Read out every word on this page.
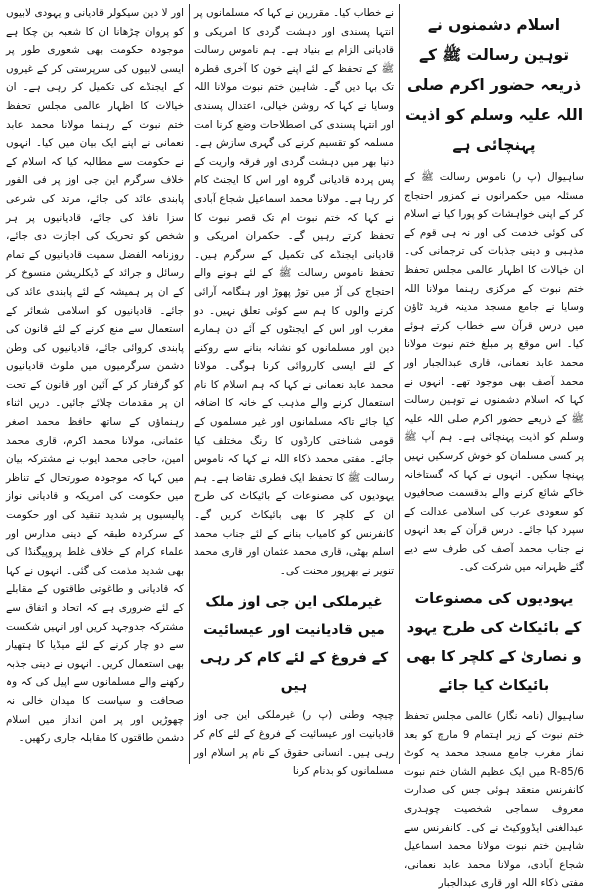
اسلام دشمنوں نے توہین رسالت ﷺ کے ذریعہ حضور اکرم صلی اللہ علیہ وسلم کو اذیت پہنچائی ہے

ساہیوال (پ ر) ناموس رسالت ﷺ کے مسئلہ میں حکمرانوں نے کمزور احتجاج کر کے اپنی خواہشات کو پورا کیا نے اسلام کی کوئی خدمت کی اور نہ ہی قوم کے مذہبی و دینی جذبات کی ترجمانی کی۔ ان خیالات کا اظہار عالمی مجلس تحفظ ختم نبوت کے مرکزی رہنما مولانا اللہ وسایا نے جامع مسجد مدینہ فرید ٹاؤن میں درس قرآن سے خطاب کرتے ہوئے کیا۔ اس موقع پر مبلغ ختم نبوت مولانا محمد عابد نعمانی، قاری عبدالجبار اور محمد آصف بھی موجود تھے۔ انہوں نے کہا کہ اسلام دشمنوں نے توہین رسالت ﷺ کے ذریعے حضور اکرم صلی اللہ علیہ وسلم کو اذیت پہنچائی ہے۔ ہم آپ ﷺ پر کسی مسلمان کو خوش کرسکیں نہیں پہنچا سکیں۔ انہوں نے کہا کہ گستاخانہ خاکے شائع کرنے والے بدقسمت صحافیوں کو سعودی عرب کی اسلامی عدالت کے سپرد کیا جائے۔ درس قرآن کے بعد انہوں نے جناب محمد آصف کی طرف سے دیے گئے ظہرانہ میں شرکت کی۔

یہودیوں کی مصنوعات کے بائیکاٹ کی طرح یہود و نصاریٰ کے کلچر کا بھی بائیکاٹ کیا جائے

ساہیوال (نامہ نگار) عالمی مجلس تحفظ ختم نبوت کے زیر اہتمام 9 مارچ کو بعد نماز مغرب جامع مسجد محمد یہ کوٹ 85/6-R میں ایک عظیم الشان ختم نبوت کانفرنس منعقد ہوئی جس کی صدارت معروف سماجی شخصیت چوہدری عبدالغنی ایڈووکیٹ نے کی۔ کانفرنس سے شاہین ختم نبوت مولانا محمد اسماعیل شجاع آبادی، مولانا محمد عابد نعمانی، مفتی ذکاء اللہ اور قاری عبدالجبار

نے خطاب کیا۔ مقررین نے کہا کہ مسلمانوں پر انتہا پسندی اور دہشت گردی کا امریکی و قادیانی الزام بے بنیاد ہے۔ ہم ناموس رسالت ﷺ کے تحفظ کے لئے اپنے خون کا آخری قطرہ تک بہا دیں گے۔ شاہین ختم نبوت مولانا اللہ وسایا نے کہا کہ روشن خیالی، اعتدال پسندی اور انتہا پسندی کی اصطلاحات وضع کرنا امت مسلمہ کو تقسیم کرنے کی گہری سازش ہے۔ دنیا بھر میں دہشت گردی اور فرقہ واریت کے پس پردہ قادیانی گروہ اور اس کا ایجنٹ کام کر رہا ہے۔ مولانا محمد اسماعیل شجاع آبادی نے کہا کہ ختم نبوت ام تک قصر نبوت کا تحفظ کرتے رہیں گے۔ حکمران امریکی و قادیانی ایجنڈے کی تکمیل کے سرگرم ہیں۔ تحفظ ناموس رسالت ﷺ کے لئے ہونے والے احتجاج کی آڑ میں توڑ پھوڑ اور ہنگامہ آرائی کرنے والوں کا ہم سے کوئی تعلق نہیں۔ دو مغرب اور اس کے ایجنٹوں کے آئے دن ہمارے دین اور مسلمانوں کو نشانہ بنانے سے روکنے کے لئے ایسی کارروائی کرنا ہوگی۔ مولانا محمد عابد نعمانی نے کہا کہ ہم اسلام کا نام استعمال کرنے والے مذہب کے خانہ کا اضافہ کیا جائے تاکہ مسلمانوں اور غیر مسلموں کے قومی شناختی کارڈوں کا رنگ مختلف کیا جائے۔ مفتی محمد ذکاء اللہ نے کہا کہ ناموس رسالت ﷺ کا تحفظ ایک فطری تقاضا ہے۔ ہم یہودیوں کی مصنوعات کے بائیکاٹ کی طرح ان کے کلچر کا بھی بائیکاٹ کریں گے۔ کانفرنس کو کامیاب بنانے کے لئے جناب محمد اسلم بھٹی، قاری محمد عثمان اور قاری محمد تنویر نے بھرپور محنت کی۔

غیرملکی این جی اوز ملک میں قادیانیت اور عیسائیت کے فروغ کے لئے کام کر رہی ہیں

چیچہ وطنی (پ ر) غیرملکی این جی اوز قادیانیت اور عیسائیت کے فروغ کے لئے کام کر رہی ہیں۔ انسانی حقوق کے نام پر اسلام اور مسلمانوں کو بدنام کرنا

اور لا دین سیکولر قادیانی و یہودی لابیوں کو پروان چڑھانا ان کا شعبہ بن چکا ہے موجودہ حکومت بھی شعوری طور پر ایسی لابیوں کی سرپرستی کر کے غیروں کے ایجنڈے کی تکمیل کر رہی ہے۔ ان خیالات کا اظہار عالمی مجلس تحفظ ختم نبوت کے رہنما مولانا محمد عابد نعمانی نے اپنے ایک بیان میں کیا۔ انہوں نے حکومت سے مطالبہ کیا کہ اسلام کے خلاف سرگرم این جی اوز پر فی الفور پابندی عائد کی جائے، مرتد کی شرعی سزا نافذ کی جائے، قادیانیوں پر ہر شخص کو تحریک کی اجازت دی جائے، روزنامہ الفضل سمیت قادیانیوں کے تمام رسائل و جرائد کے ڈیکلریشن منسوخ کر کے ان پر ہمیشہ کے لئے پابندی عائد کی جائے۔ قادیانیوں کو اسلامی شعائر کے استعمال سے منع کرنے کے لئے قانون کی پابندی کروائی جائے، قادیانیوں کی وطن دشمن سرگرمیوں میں ملوث قادیانیوں کو گرفتار کر کے آئین اور قانون کے تحت ان پر مقدمات چلائے جائیں۔ دریں اثناء رہنماؤں کے ساتھ حافظ محمد اصغر عثمانی، مولانا محمد اکرم، قاری محمد امین، حاجی محمد ایوب نے مشترکہ بیان میں کہا کہ موجودہ صورتحال کے تناظر میں حکومت کی امریکہ و قادیانی نواز پالیسیوں پر شدید تنقید کی اور حکومت کے سرکردہ طبقہ کے دینی مدارس اور علماء کرام کے خلاف غلط پروپیگنڈا کی بھی شدید مذمت کی گئی۔ انہوں نے کہا کہ قادیانی و طاغوتی طاقتوں کے مقابلے کے لئے ضروری ہے کہ اتحاد و اتفاق سے مشترکہ جدوجہد کریں اور انہیں شکست سے دو چار کرنے کے لئے میڈیا کا ہتھیار بھی استعمال کریں۔ انہوں نے دینی جذبہ رکھنے والے مسلمانوں سے اپیل کی کہ وہ صحافت و سیاست کا میدان خالی نہ چھوڑیں اور پر امن انداز میں اسلام دشمن طاقتوں کا مقابلہ جاری رکھیں۔
